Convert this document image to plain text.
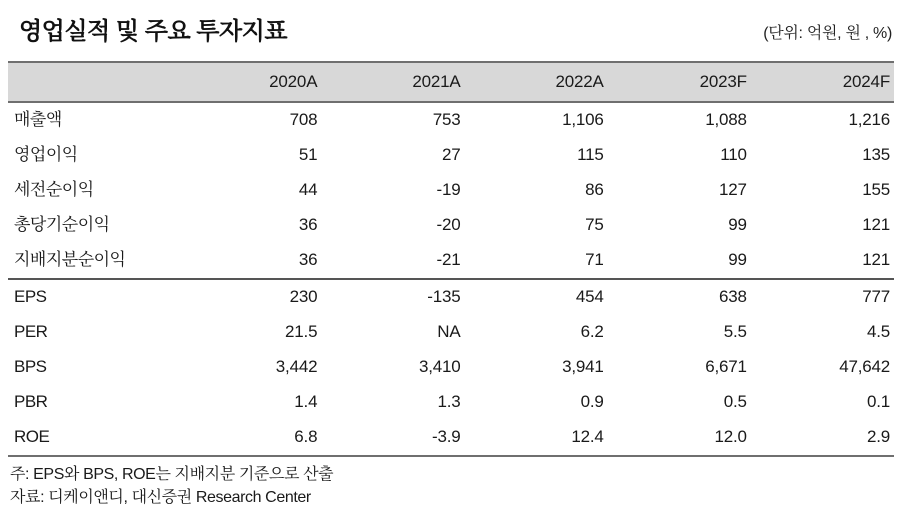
영업실적 및 주요 투자지표	(단위: 억원, 원 , %)
	2020A	2021A	2022A	2023F	2024F
매출액	708	753	1,106	1,088	1,216
영업이익	51	27	115	110	135
세전순이익	44	-19	86	127	155
총당기순이익	36	-20	75	99	121
지배지분순이익	36	-21	71	99	121
EPS	230	-135	454	638	777
PER	21.5	NA	6.2	5.5	4.5
BPS	3,442	3,410	3,941	6,671	47,642
PBR	1.4	1.3	0.9	0.5	0.1
ROE	6.8	-3.9	12.4	12.0	2.9
주: EPS와 BPS, ROE는 지배지분 기준으로 산출
자료: 디케이앤디, 대신증권 Research Center
